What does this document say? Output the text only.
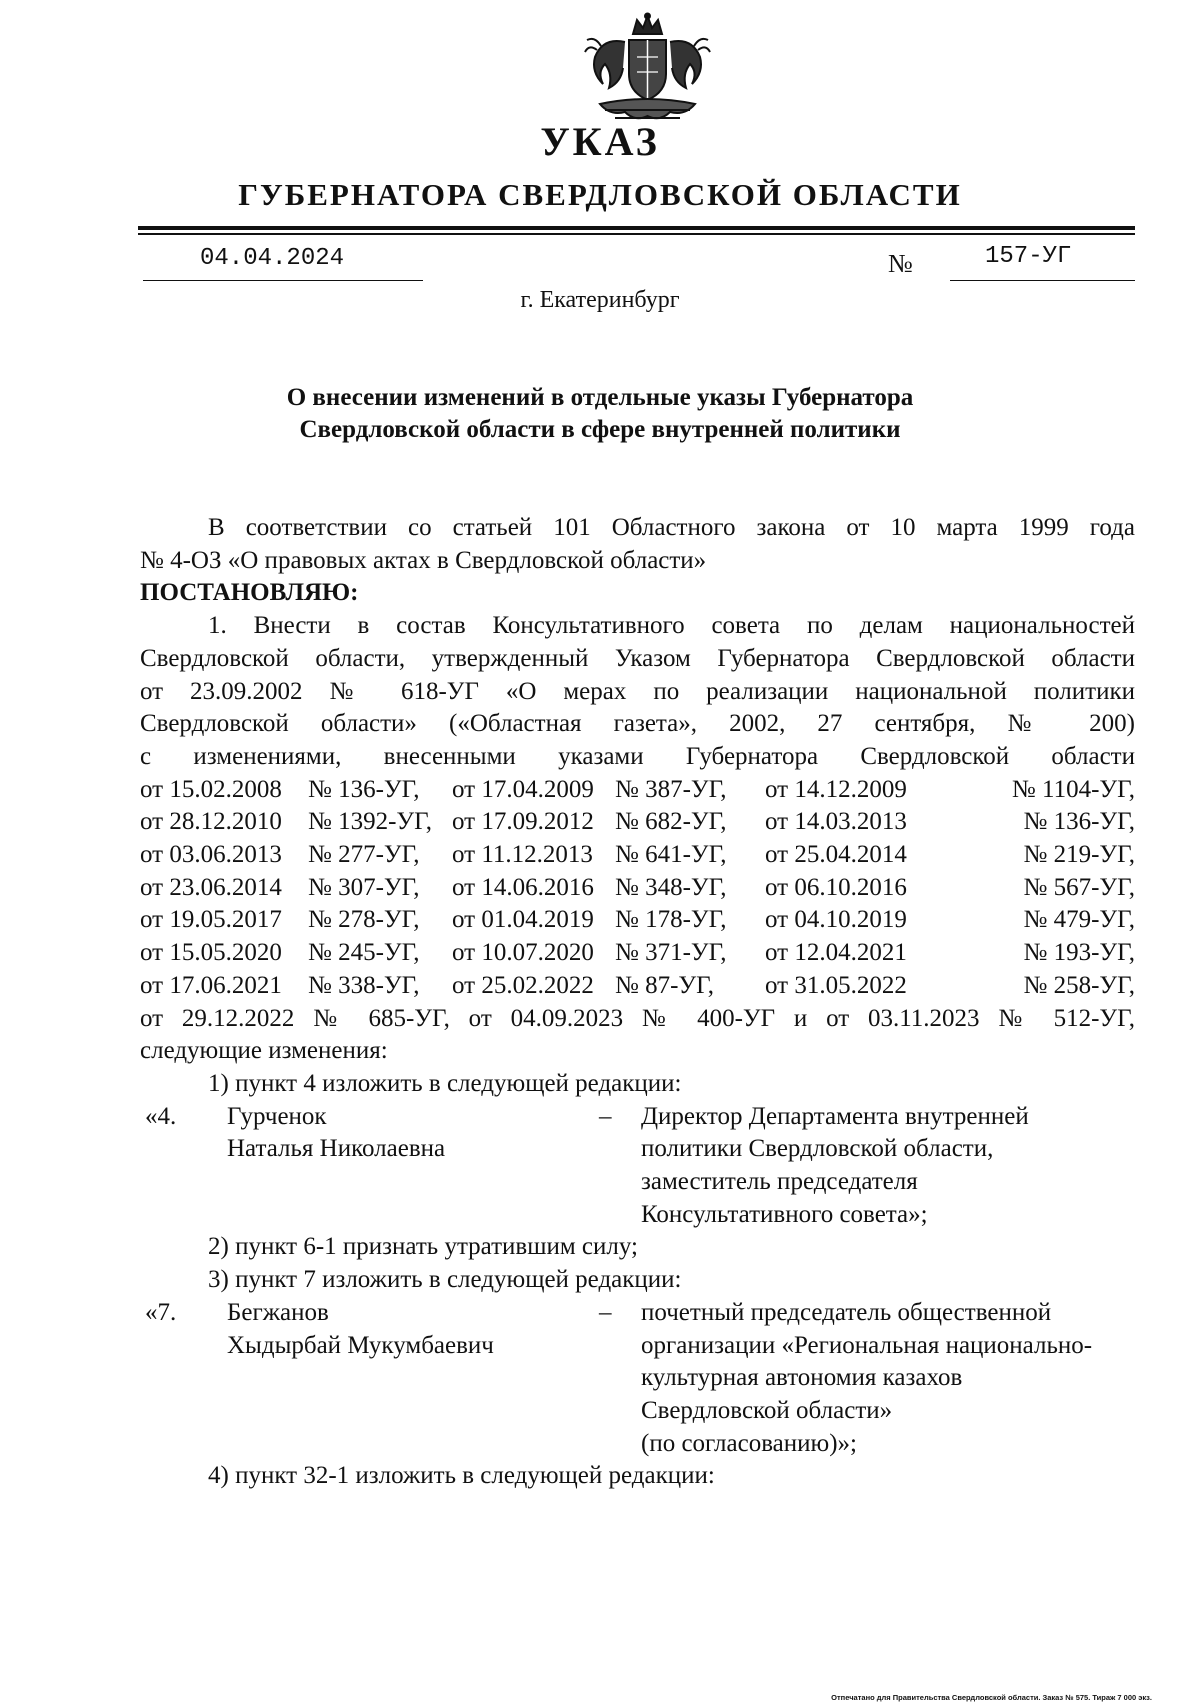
УКАЗ
ГУБЕРНАТОРА СВЕРДЛОВСКОЙ ОБЛАСТИ
04.04.2024	№	157-УГ
г. Екатеринбург
О внесении изменений в отдельные указы Губернатора
Свердловской области в сфере внутренней политики
В соответствии со статьей 101 Областного закона от 10 марта 1999 года
№ 4-ОЗ «О правовых актах в Свердловской области»
ПОСТАНОВЛЯЮ:
1. Внести в состав Консультативного совета по делам национальностей
Свердловской области, утвержденный Указом Губернатора Свердловской области
от 23.09.2002 № 618-УГ «О мерах по реализации национальной политики
Свердловской области» («Областная газета», 2002, 27 сентября, № 200)
с изменениями, внесенными указами Губернатора Свердловской области
от 15.02.2008	№ 136-УГ,	от 17.04.2009	№ 387-УГ,	от 14.12.2009	№ 1104-УГ,
от 28.12.2010	№ 1392-УГ,	от 17.09.2012	№ 682-УГ,	от 14.03.2013	№ 136-УГ,
от 03.06.2013	№ 277-УГ,	от 11.12.2013	№ 641-УГ,	от 25.04.2014	№ 219-УГ,
от 23.06.2014	№ 307-УГ,	от 14.06.2016	№ 348-УГ,	от 06.10.2016	№ 567-УГ,
от 19.05.2017	№ 278-УГ,	от 01.04.2019	№ 178-УГ,	от 04.10.2019	№ 479-УГ,
от 15.05.2020	№ 245-УГ,	от 10.07.2020	№ 371-УГ,	от 12.04.2021	№ 193-УГ,
от 17.06.2021	№ 338-УГ,	от 25.02.2022	№ 87-УГ,	от 31.05.2022	№ 258-УГ,
от 29.12.2022 № 685-УГ, от 04.09.2023 № 400-УГ и от 03.11.2023 № 512-УГ,
следующие изменения:
1) пункт 4 изложить в следующей редакции:
«4.	Гурченок	–	Директор Департамента внутренней
Наталья Николаевна	политики Свердловской области,
заместитель председателя
Консультативного совета»;
2) пункт 6-1 признать утратившим силу;
3) пункт 7 изложить в следующей редакции:
«7.	Бегжанов	–	почетный председатель общественной
Хыдырбай Мукумбаевич	организации «Региональная национально-
культурная автономия казахов
Свердловской области»
(по согласованию)»;
4) пункт 32-1 изложить в следующей редакции:
Отпечатано для Правительства Свердловской области. Заказ № 575. Тираж 7 000 экз.
